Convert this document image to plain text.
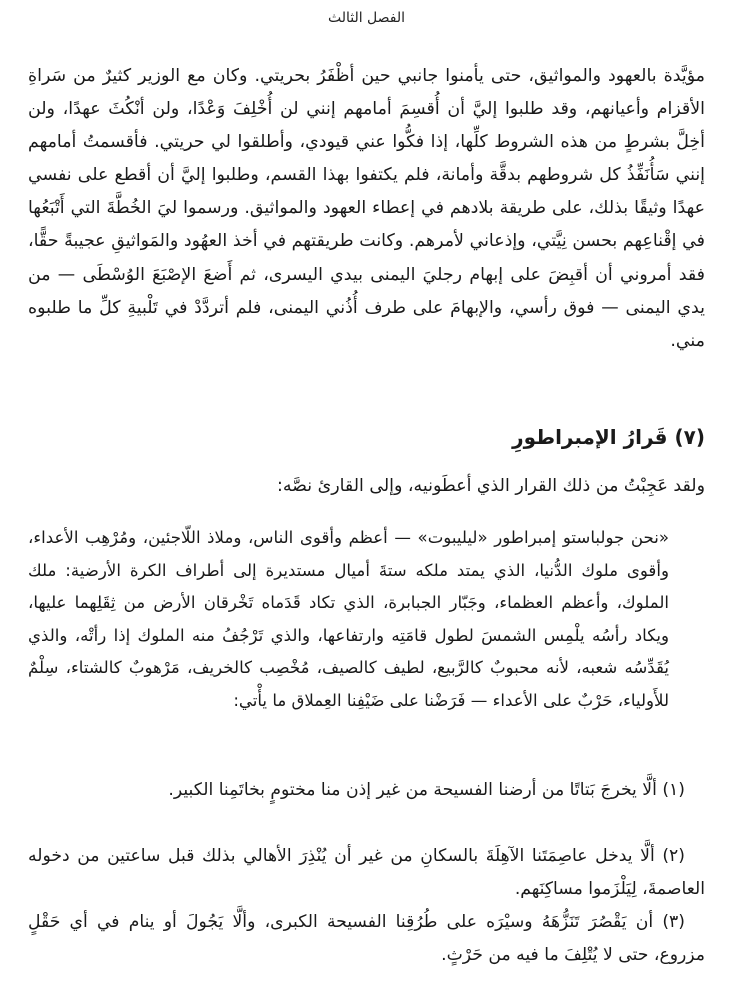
الفصل الثالث

مؤيَّدة بالعهود والمواثيق، حتى يأمنوا جانبي حين أظْفَرُ بحريتي. وكان مع الوزير كثيرٌ من سَراةِ الأقزام وأعيانهم، وقد طلبوا إليَّ أن أُقسِمَ أمامهم إنني لن أُخْلِفَ وَعْدًا، ولن أنْكُثَ عهدًا، ولن أخِلَّ بشرطٍ من هذه الشروط كلِّها، إذا فكُّوا عني قيودي، وأطلقوا لي حريتي. فأقسمتُ أمامهم إنني سَأُنَفِّذُ كل شروطهم بدقَّة وأمانة، فلم يكتفوا بهذا القسم، وطلبوا إليَّ أن أقطع على نفسي عهدًا وثيقًا بذلك، على طريقة بلادهم في إعطاء العهود والمواثيق. ورسموا ليَ الخُطَّةَ التي أَتْبَعُها في إقْناعِهم بحسن نِيَّتي، وإذعاني لأمرهم. وكانت طريقتهم في أخذ العهُود والمَواثيقِ عجيبةً حقًّا، فقد أمروني أن أقبِضَ على إبهام رجليَ اليمنى بيدي اليسرى، ثم أَضعَ الإصْبَعَ الوُسْطَى — من يدي اليمنى — فوق رأسي، والإبهامَ على طرف أُذُني اليمنى، فلم أتردَّدْ في تَلْبيةِ كلِّ ما طلبوه مني.

(٧) قَرارُ الإمبراطورِ

ولقد عَجِبْتُ من ذلك القرار الذي أعطَونيه، وإلى القارئ نصَّه:

«نحن جولباستو إمبراطور «ليليبوت» — أعظم وأقوى الناس، وملاذ اللّاجئين، ومُرْهِب الأعداء، وأقوى ملوك الدُّنيا، الذي يمتد ملكه ستةَ أميال مستديرة إلى أطراف الكرة الأرضية: ملك الملوك، وأعظم العظماء، وجَبّار الجبابرة، الذي تكاد قَدَماه تَخْرقان الأرض من ثِقَلِهما عليها، ويكاد رأسُه يلْمِس الشمسَ لطول قامَتِه وارتفاعها، والذي تَرْجُفُ منه الملوك إذا رأتْه، والذي يُقَدِّسُه شعبه، لأنه محبوبٌ كالرَّبيع، لطيف كالصيف، مُخْصِب كالخريف، مَرْهوبٌ كالشتاء، سِلْمٌ للأَولياء، حَرْبٌ على الأعداء — فَرَضْنا على ضَيْفِنا العِملاق ما يأْتي:

(١) ألَّا يخرجَ بَتاتًا من أرضنا الفسيحة من غير إذن منا مختومٍ بخاتَمِنا الكبير.

(٢) ألَّا يدخل عاصِمَتَنا الآهِلَةَ بالسكانِ من غير أن يُنْذِرَ الأهالي بذلك قبل ساعتين من دخوله العاصمةَ، لِيَلْزَموا مساكِنَهم.

(٣) أن يَقْصُرَ تَنَزُّهَهُ وسيْرَه على طُرُقِنا الفسيحة الكبرى، وألَّا يَجُولَ أو ينام في أي حَقْلٍ مزروع، حتى لا يُتْلِفَ ما فيه من حَرْثٍ.
